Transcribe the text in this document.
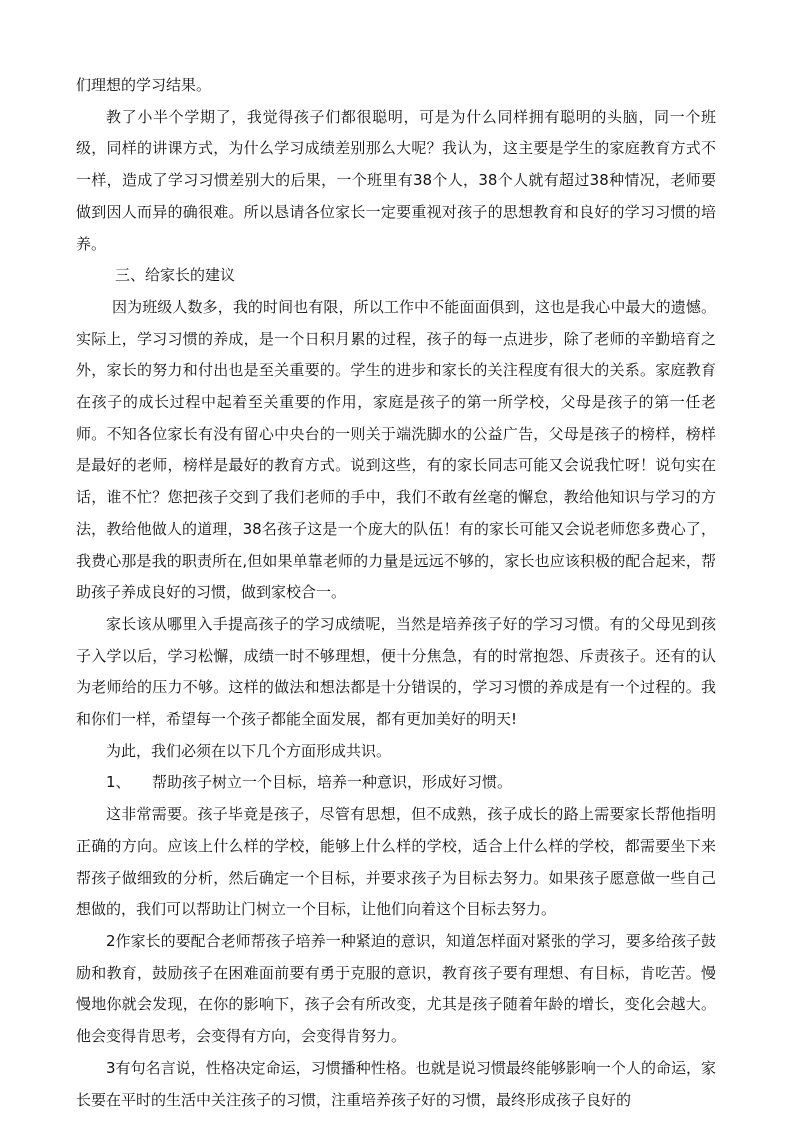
们理想的学习结果。

教了小半个学期了，我觉得孩子们都很聪明，可是为什么同样拥有聪明的头脑，同一个班级，同样的讲课方式，为什么学习成绩差别那么大呢？我认为，这主要是学生的家庭教育方式不一样，造成了学习习惯差别大的后果，一个班里有38个人，38个人就有超过38种情况，老师要做到因人而异的确很难。所以恳请各位家长一定要重视对孩子的思想教育和良好的学习习惯的培养。

三、给家长的建议

因为班级人数多，我的时间也有限，所以工作中不能面面俱到，这也是我心中最大的遗憾。实际上，学习习惯的养成，是一个日积月累的过程，孩子的每一点进步，除了老师的辛勤培育之外，家长的努力和付出也是至关重要的。学生的进步和家长的关注程度有很大的关系。家庭教育在孩子的成长过程中起着至关重要的作用，家庭是孩子的第一所学校，父母是孩子的第一任老师。不知各位家长有没有留心中央台的一则关于端洗脚水的公益广告，父母是孩子的榜样，榜样是最好的老师，榜样是最好的教育方式。说到这些，有的家长同志可能又会说我忙呀！说句实在话，谁不忙？您把孩子交到了我们老师的手中，我们不敢有丝毫的懈怠，教给他知识与学习的方法，教给他做人的道理，38名孩子这是一个庞大的队伍！有的家长可能又会说老师您多费心了，我费心那是我的职责所在,但如果单靠老师的力量是远远不够的，家长也应该积极的配合起来，帮助孩子养成良好的习惯，做到家校合一。

家长该从哪里入手提高孩子的学习成绩呢，当然是培养孩子好的学习习惯。有的父母见到孩子入学以后，学习松懈，成绩一时不够理想，便十分焦急，有的时常抱怨、斥责孩子。还有的认为老师给的压力不够。这样的做法和想法都是十分错误的，学习习惯的养成是有一个过程的。我和你们一样，希望每一个孩子都能全面发展，都有更加美好的明天!

为此，我们必须在以下几个方面形成共识。

1、 帮助孩子树立一个目标，培养一种意识，形成好习惯。

这非常需要。孩子毕竟是孩子，尽管有思想，但不成熟，孩子成长的路上需要家长帮他指明正确的方向。应该上什么样的学校，能够上什么样的学校，适合上什么样的学校，都需要坐下来帮孩子做细致的分析，然后确定一个目标，并要求孩子为目标去努力。如果孩子愿意做一些自己想做的，我们可以帮助让门树立一个目标，让他们向着这个目标去努力。

2作家长的要配合老师帮孩子培养一种紧迫的意识，知道怎样面对紧张的学习，要多给孩子鼓励和教育，鼓励孩子在困难面前要有勇于克服的意识，教育孩子要有理想、有目标，肯吃苦。慢慢地你就会发现，在你的影响下，孩子会有所改变，尤其是孩子随着年龄的增长，变化会越大。他会变得肯思考，会变得有方向，会变得肯努力。

3有句名言说，性格决定命运，习惯播种性格。也就是说习惯最终能够影响一个人的命运，家长要在平时的生活中关注孩子的习惯，注重培养孩子好的习惯，最终形成孩子良好的
